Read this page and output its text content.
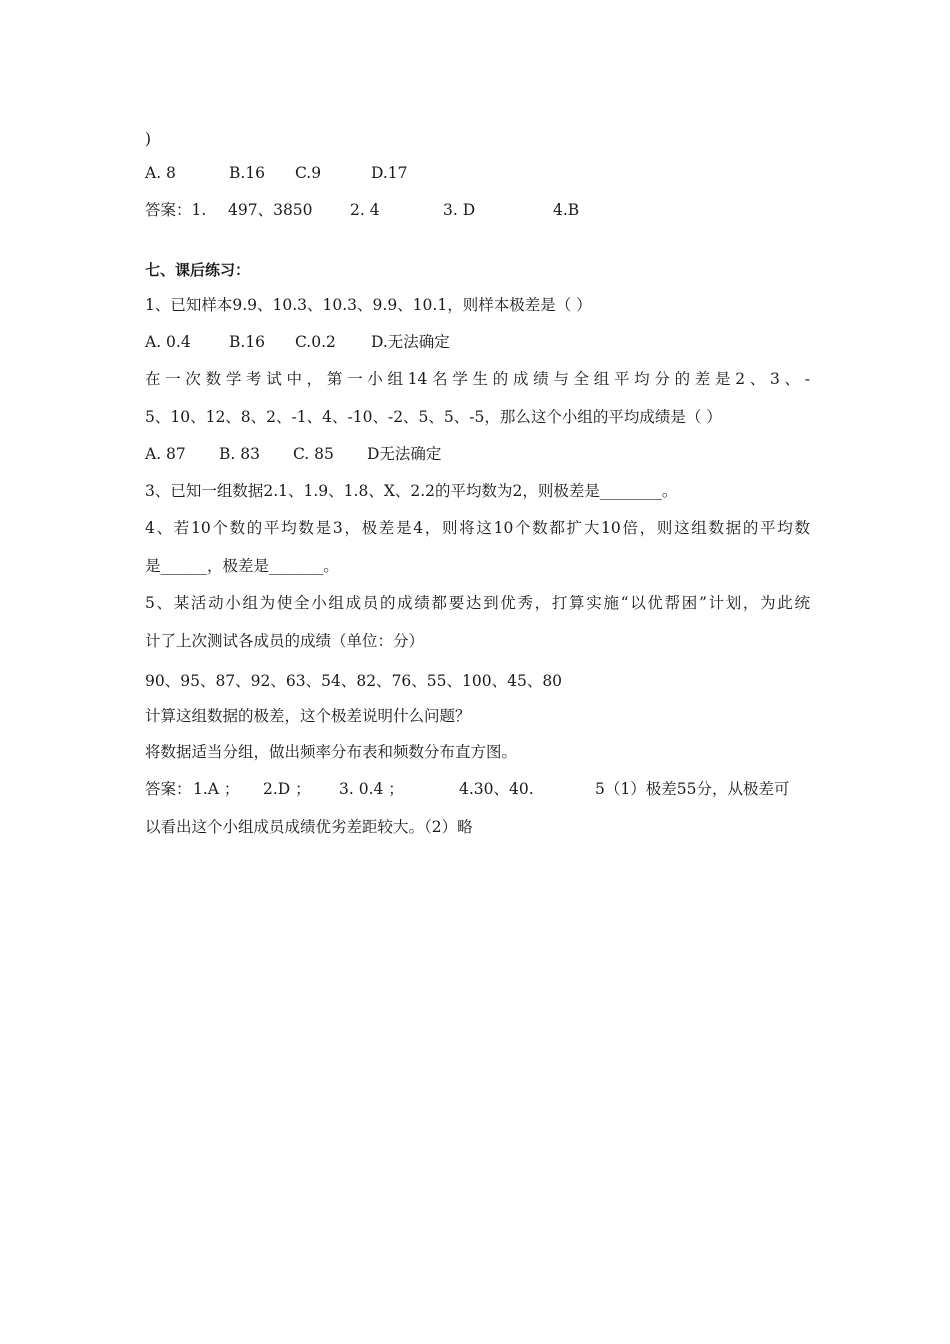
)
A. 8	B.16 C.9	D.17
答案：1. 497、3850 2. 4	3. D	4.B
七、课后练习：
1、已知样本9.9、10.3、10.3、9.9、10.1，则样本极差是（ ）
A. 0.4 B.16 C.0.2 D.无法确定
在一次数学考试中，第一小组14名学生的成绩与全组平均分的差是2、3、-
5、10、12、8、2、-1、4、-10、-2、5、5、-5，那么这个小组的平均成绩是（ ）
A. 87 B. 83 C. 85 D无法确定
3、已知一组数据2.1、1.9、1.8、X、2.2的平均数为2，则极差是________。
4、若10个数的平均数是3，极差是4，则将这10个数都扩大10倍，则这组数据的平均数
是______，极差是_______。
5、某活动小组为使全小组成员的成绩都要达到优秀，打算实施“以优帮困”计划，为此统
计了上次测试各成员的成绩（单位：分）
90、95、87、92、63、54、82、76、55、100、45、80
计算这组数据的极差，这个极差说明什么问题？
将数据适当分组，做出频率分布表和频数分布直方图。
答案：1.A ； 2.D ； 3. 0.4 ；	4.30、40.	5（1）极差55分，从极差可
以看出这个小组成员成绩优劣差距较大。（2）略
